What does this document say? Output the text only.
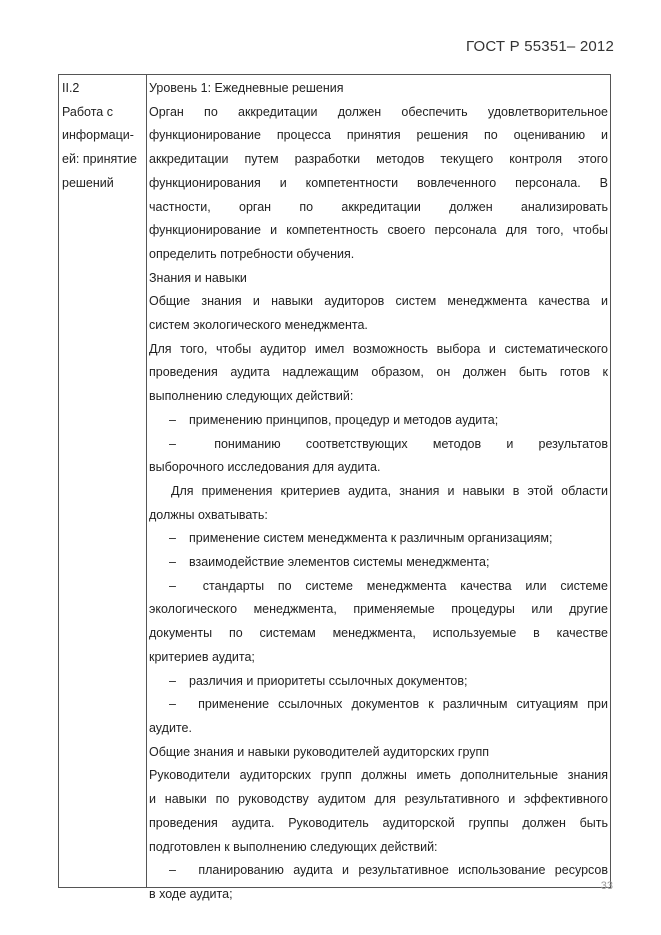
ГОСТ Р 55351– 2012
II.2
Работа с
информаци-
ей: принятие
решений
Уровень 1: Ежедневные решения
Орган по аккредитации должен обеспечить удовлетворительное
функционирование процесса принятия решения по оцениванию и
аккредитации путем разработки методов текущего контроля этого
функционирования и компетентности вовлеченного персонала. В
частности, орган по аккредитации должен анализировать
функционирование и компетентность своего персонала для того, чтобы
определить потребности обучения.
Знания и навыки
Общие знания и навыки аудиторов систем менеджмента качества и
систем экологического менеджмента.
Для того, чтобы аудитор имел возможность выбора и систематического
проведения аудита надлежащим образом, он должен быть готов к
выполнению следующих действий:
– применению принципов, процедур и методов аудита;
–	пониманию соответствующих методов и результатов
выборочного исследования для аудита.
Для применения критериев аудита, знания и навыки в этой области
должны охватывать:
– применение систем менеджмента к различным организациям;
– взаимодействие элементов системы менеджмента;
– стандарты по системе менеджмента качества или системе
экологического менеджмента, применяемые процедуры или другие
документы по системам менеджмента, используемые в качестве
критериев аудита;
– различия и приоритеты ссылочных документов;
– применение ссылочных документов к различным ситуациям при
аудите.
Общие знания и навыки руководителей аудиторских групп
Руководители аудиторских групп должны иметь дополнительные знания
и навыки по руководству аудитом для результативного и эффективного
проведения аудита. Руководитель аудиторской группы должен быть
подготовлен к выполнению следующих действий:
– планированию аудита и результативное использование ресурсов
в ходе аудита;
33
